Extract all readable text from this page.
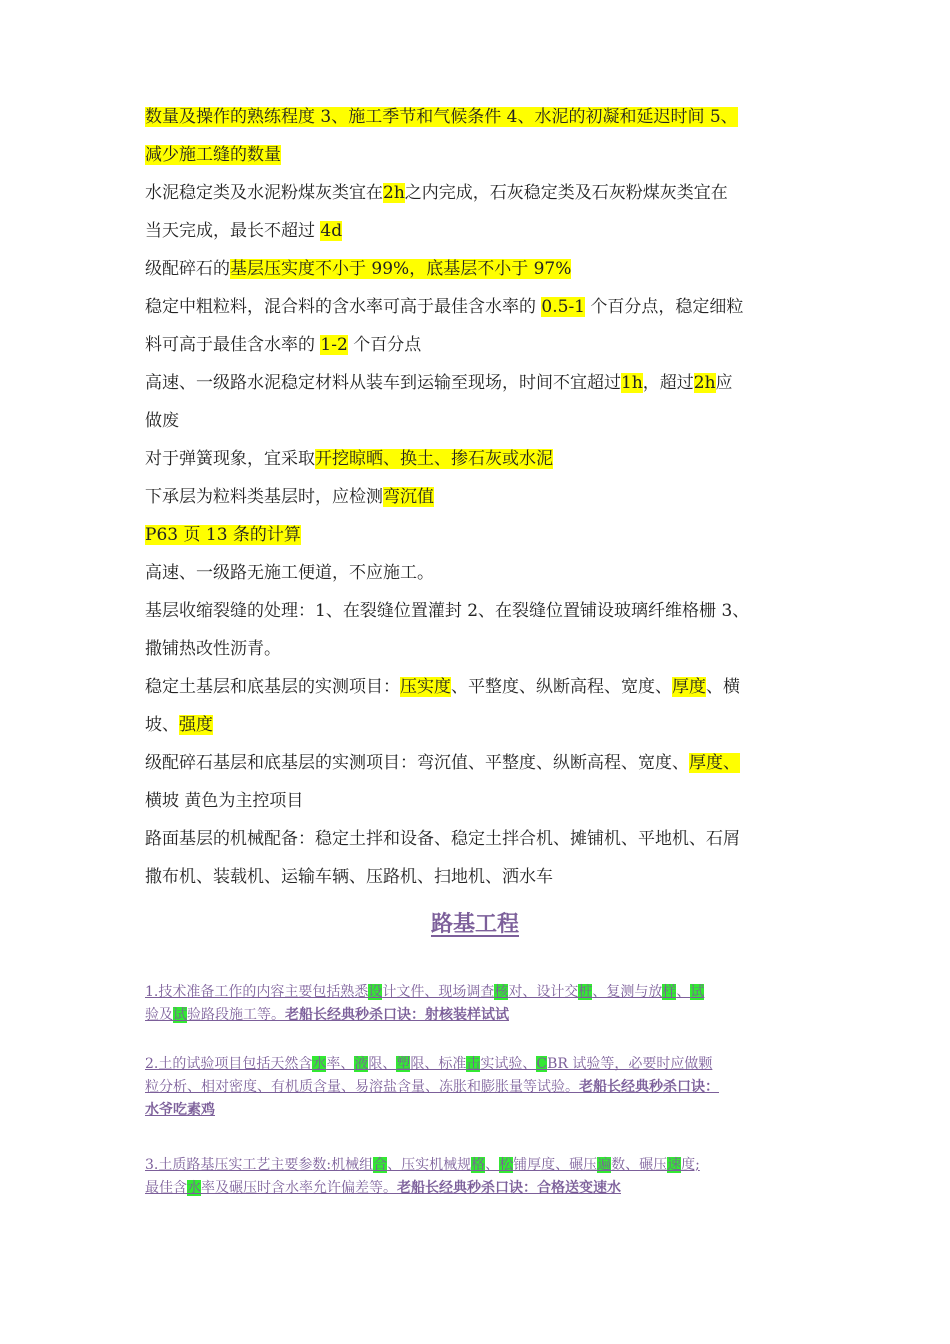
数量及操作的熟练程度 3、施工季节和气候条件 4、水泥的初凝和延迟时间 5、
减少施工缝的数量
水泥稳定类及水泥粉煤灰类宜在2h之内完成，石灰稳定类及石灰粉煤灰类宜在
当天完成，最长不超过 4d
级配碎石的基层压实度不小于 99%，底基层不小于 97%
稳定中粗粒料，混合料的含水率可高于最佳含水率的 0.5-1 个百分点，稳定细粒
料可高于最佳含水率的 1-2 个百分点
高速、一级路水泥稳定材料从装车到运输至现场，时间不宜超过1h，超过2h应
做废
对于弹簧现象，宜采取开挖晾晒、换土、掺石灰或水泥
下承层为粒料类基层时，应检测弯沉值
P63 页 13 条的计算
高速、一级路无施工便道，不应施工。
基层收缩裂缝的处理：1、在裂缝位置灌封 2、在裂缝位置铺设玻璃纤维格栅 3、
撒铺热改性沥青。
稳定土基层和底基层的实测项目：压实度、平整度、纵断高程、宽度、厚度、横
坡、强度
级配碎石基层和底基层的实测项目：弯沉值、平整度、纵断高程、宽度、厚度、
横坡 黄色为主控项目
路面基层的机械配备：稳定土拌和设备、稳定土拌合机、摊铺机、平地机、石屑
撒布机、装载机、运输车辆、压路机、扫地机、洒水车
路基工程
1.技术准备工作的内容主要包括熟悉设计文件、现场调查核对、设计交桩、复测与放样、试
验及试验路段施工等。老船长经典秒杀口诀：射核装样试试
2.土的试验项目包括天然含水率、液限、塑限、标准击实试验、CBR 试验等，必要时应做颗
粒分析、相对密度、有机质含量、易溶盐含量、冻胀和膨胀量等试验。老船长经典秒杀口诀：
水爷吃素鸡
3.土质路基压实工艺主要参数:机械组合、压实机械规格、松铺厚度、碾压遍数、碾压速度;
最佳含水率及碾压时含水率允许偏差等。老船长经典秒杀口诀：合格送变速水
